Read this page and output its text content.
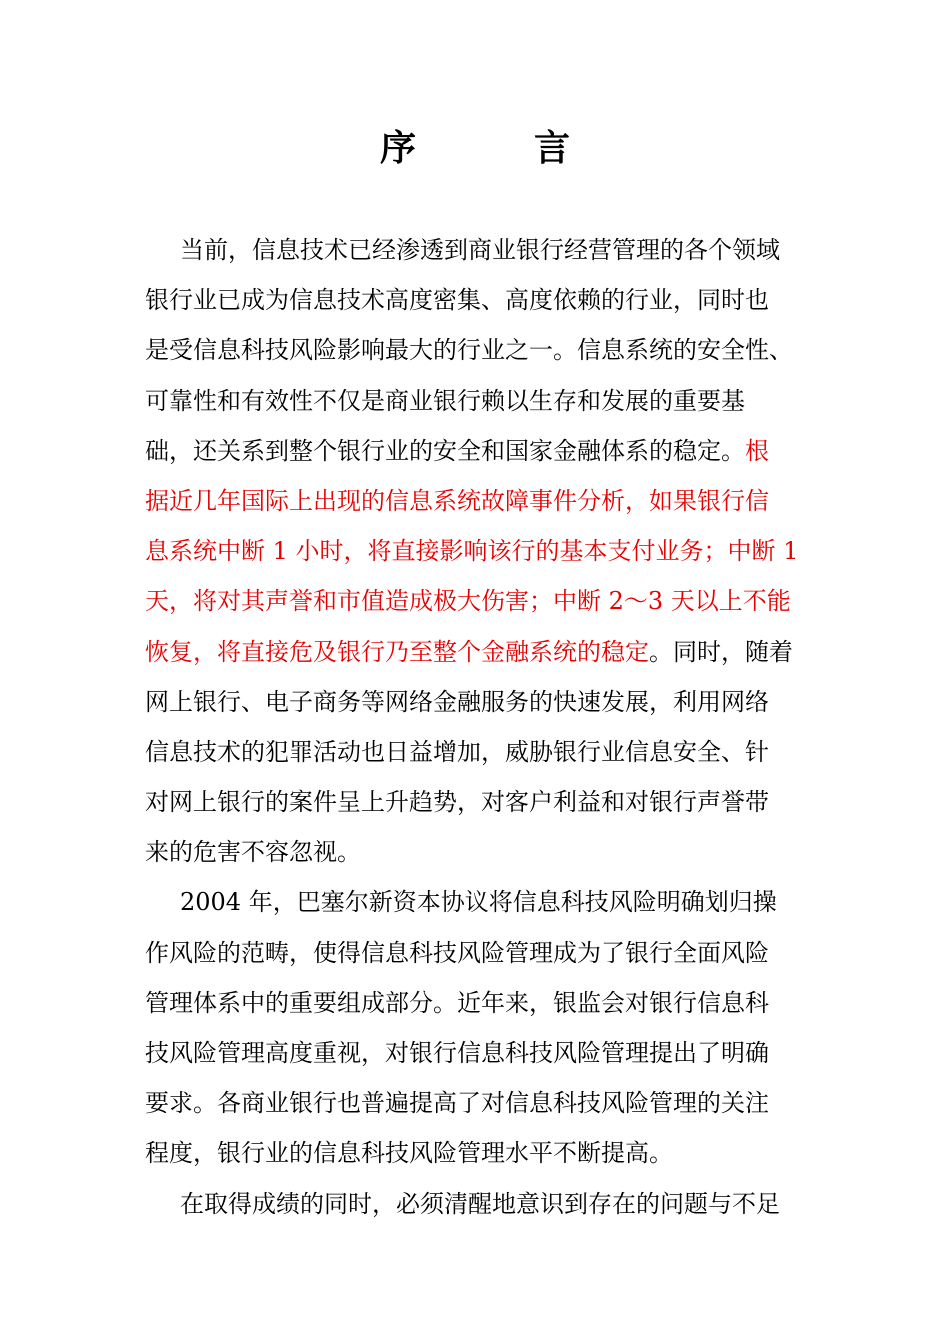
序	言
当前，信息技术已经渗透到商业银行经营管理的各个领域
银行业已成为信息技术高度密集、高度依赖的行业，同时也
是受信息科技风险影响最大的行业之一。信息系统的安全性、
可靠性和有效性不仅是商业银行赖以生存和发展的重要基
础，还关系到整个银行业的安全和国家金融体系的稳定。根
据近几年国际上出现的信息系统故障事件分析，如果银行信
息系统中断 1 小时，将直接影响该行的基本支付业务；中断 1
天，将对其声誉和市值造成极大伤害；中断 2～3 天以上不能
恢复，将直接危及银行乃至整个金融系统的稳定。同时，随着
网上银行、电子商务等网络金融服务的快速发展，利用网络
信息技术的犯罪活动也日益增加，威胁银行业信息安全、针
对网上银行的案件呈上升趋势，对客户利益和对银行声誉带
来的危害不容忽视。
2004 年，巴塞尔新资本协议将信息科技风险明确划归操
作风险的范畴，使得信息科技风险管理成为了银行全面风险
管理体系中的重要组成部分。近年来，银监会对银行信息科
技风险管理高度重视，对银行信息科技风险管理提出了明确
要求。各商业银行也普遍提高了对信息科技风险管理的关注
程度，银行业的信息科技风险管理水平不断提高。
在取得成绩的同时，必须清醒地意识到存在的问题与不足
